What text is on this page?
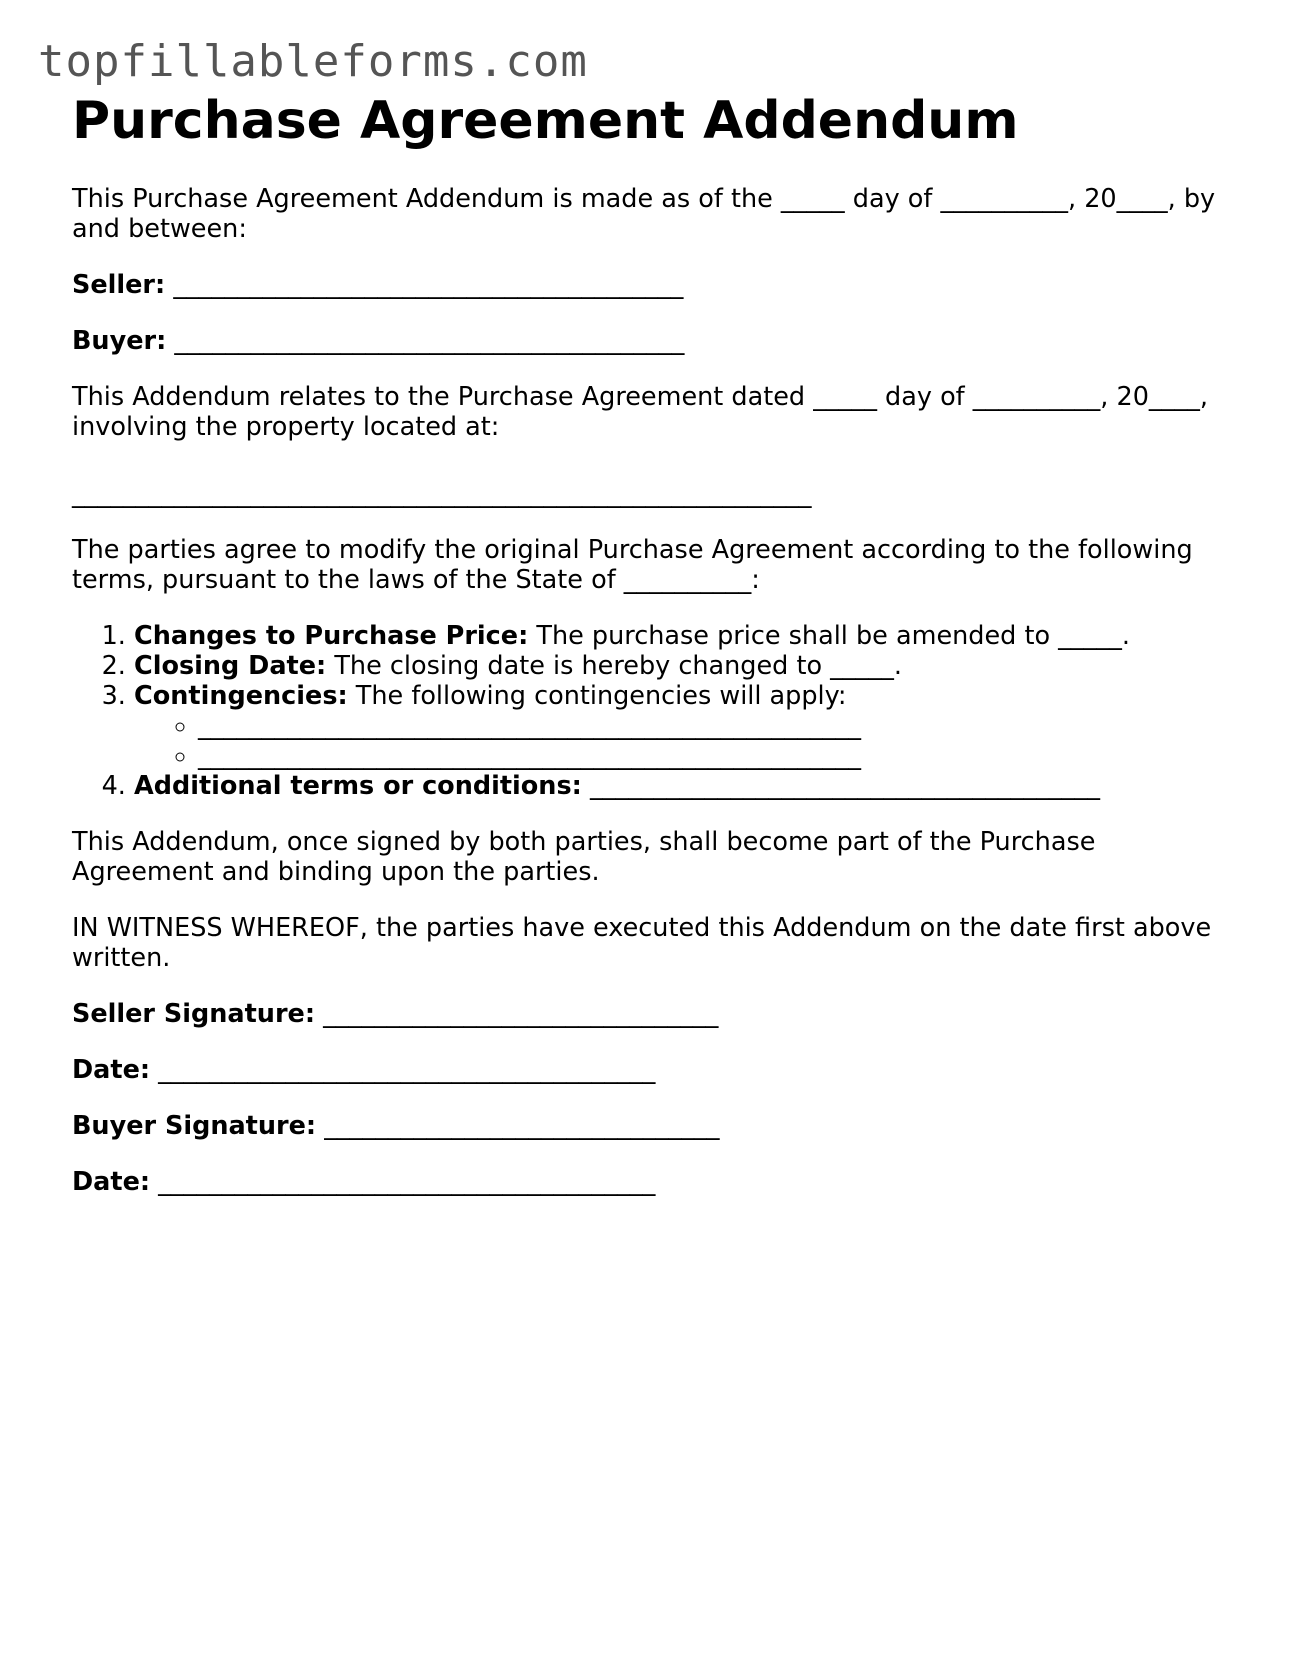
topfillableforms.com
Purchase Agreement Addendum

This Purchase Agreement Addendum is made as of the _____ day of __________, 20____, by and between:

Seller: ________________________________________
Buyer: ________________________________________

This Addendum relates to the Purchase Agreement dated _____ day of __________, 20____, involving the property located at:

__________________________________________________________

The parties agree to modify the original Purchase Agreement according to the following terms, pursuant to the laws of the State of __________:

1. Changes to Purchase Price: The purchase price shall be amended to _____.
2. Closing Date: The closing date is hereby changed to _____.
3. Contingencies: The following contingencies will apply:
◦ ____________________________________________________
◦ ____________________________________________________
4. Additional terms or conditions: ________________________________________

This Addendum, once signed by both parties, shall become part of the Purchase Agreement and binding upon the parties.

IN WITNESS WHEREOF, the parties have executed this Addendum on the date first above written.

Seller Signature: _______________________________
Date: _______________________________________
Buyer Signature: _______________________________
Date: _______________________________________
